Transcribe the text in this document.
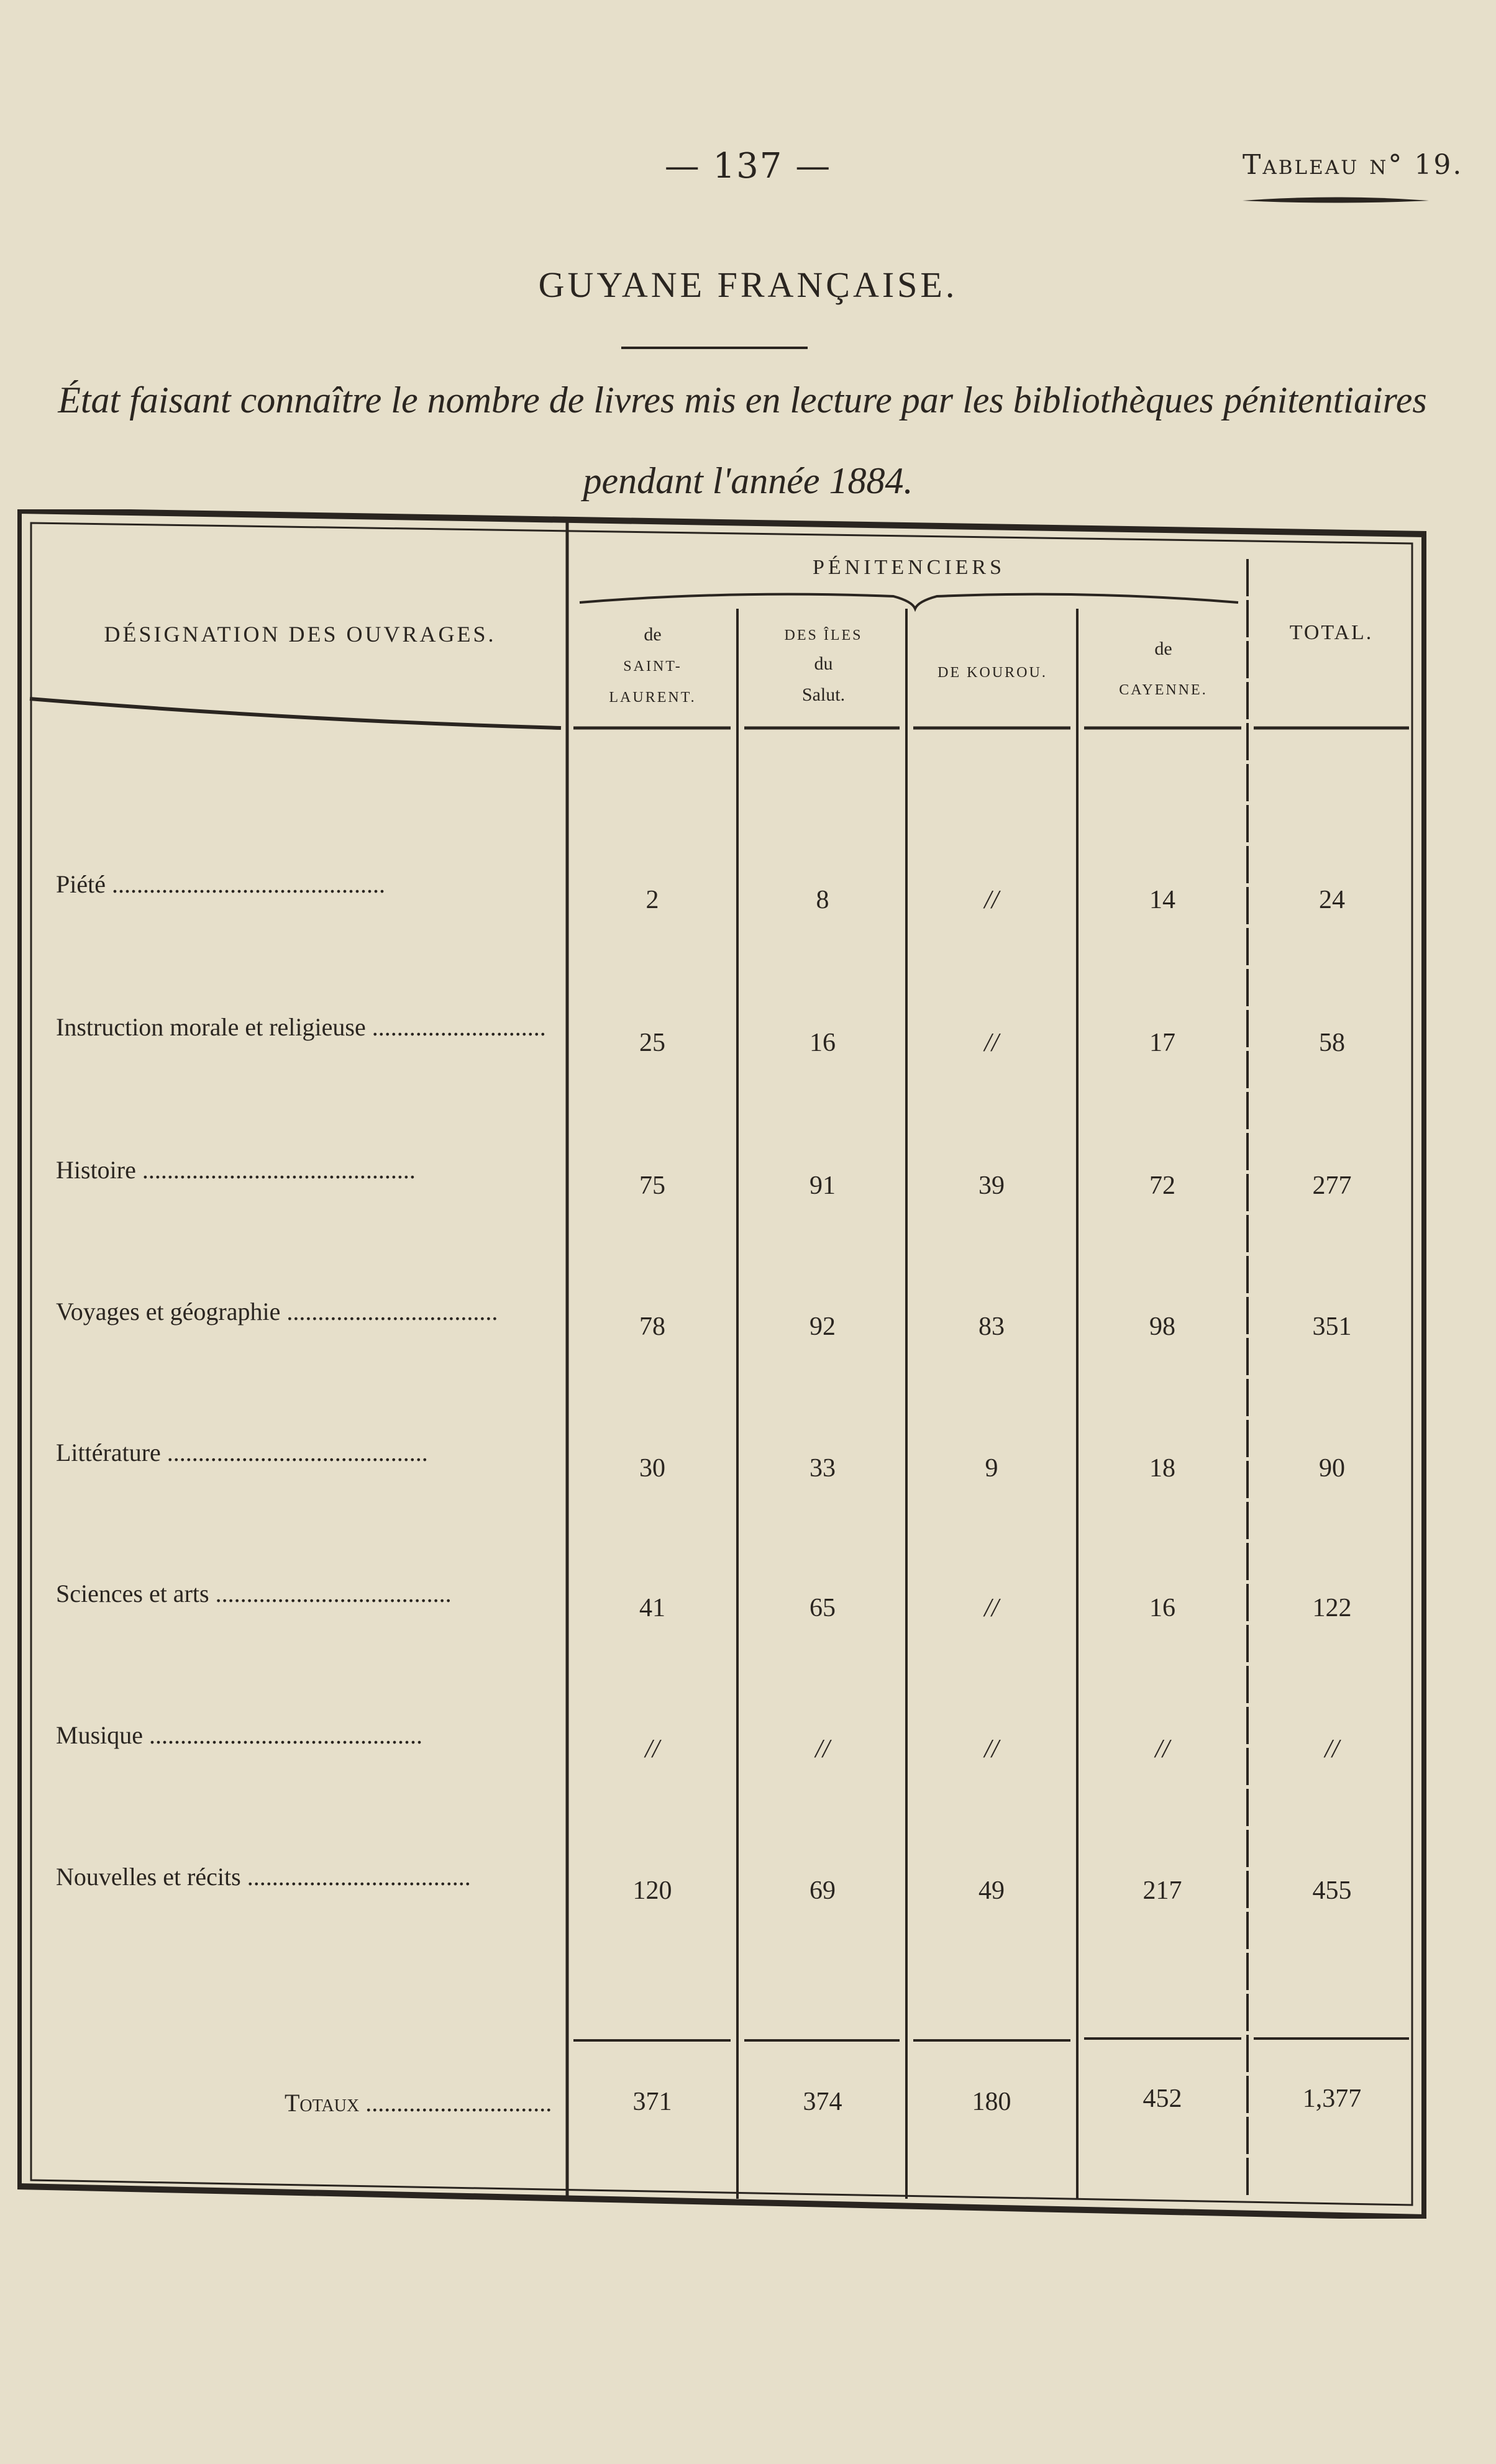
— 137 —	Tableau n° 19.
GUYANE FRANÇAISE.
État faisant connaître le nombre de livres mis en lecture par les bibliothèques pénitentiaires
pendant l'année 1884.
DÉSIGNATION DES OUVRAGES.
PÉNITENCIERS
de
SAINT-
LAURENT.
DES ÎLES
du
Salut.
DE KOUROU.
de
CAYENNE.
TOTAL.
Piété ............................................
2	8	//	14	24
Instruction morale et religieuse ............................
25	16	//	17	58
Histoire ............................................
75	91	39	72	277
Voyages et géographie ..................................
78	92	83	98	351
Littérature ..........................................
30	33	9	18	90
Sciences et arts ......................................
41	65	//	16	122
Musique ............................................	//	//	//	//	//
Nouvelles et récits ....................................	120	69	49	217	455
Totaux ..............................	371	374	180	452	1,377
